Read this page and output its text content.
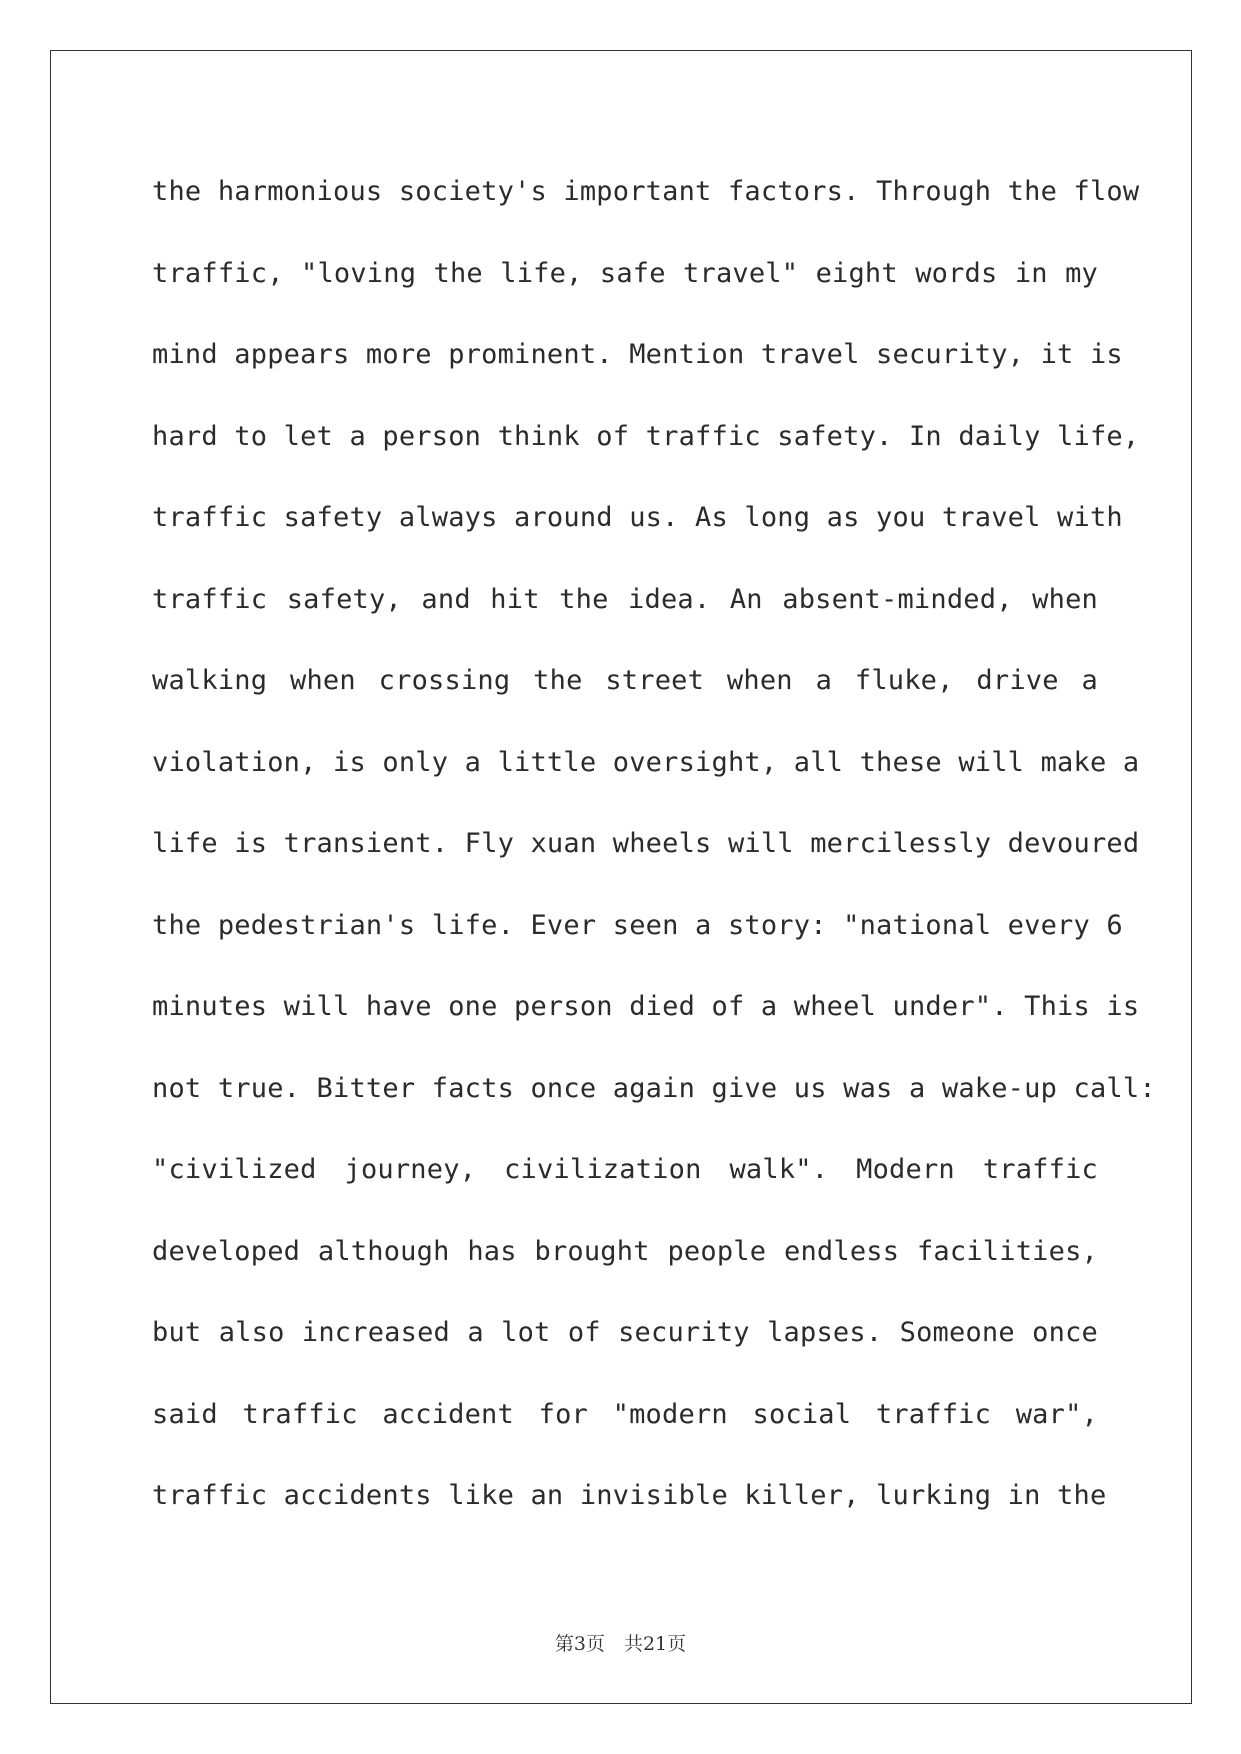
the harmonious society's important factors. Through the flow
traffic, "loving the life, safe travel" eight words in my
mind appears more prominent. Mention travel security, it is
hard to let a person think of traffic safety. In daily life,
traffic safety always around us. As long as you travel with
traffic safety, and hit the idea. An absent-minded, when
walking when crossing the street when a fluke, drive a
violation, is only a little oversight, all these will make a
life is transient. Fly xuan wheels will mercilessly devoured
the pedestrian's life. Ever seen a story: "national every 6
minutes will have one person died of a wheel under". This is
not true. Bitter facts once again give us was a wake-up call:
"civilized journey, civilization walk". Modern traffic
developed although has brought people endless facilities,
but also increased a lot of security lapses. Someone once
said traffic accident for "modern social traffic war",
traffic accidents like an invisible killer, lurking in the
第3页　共21页
